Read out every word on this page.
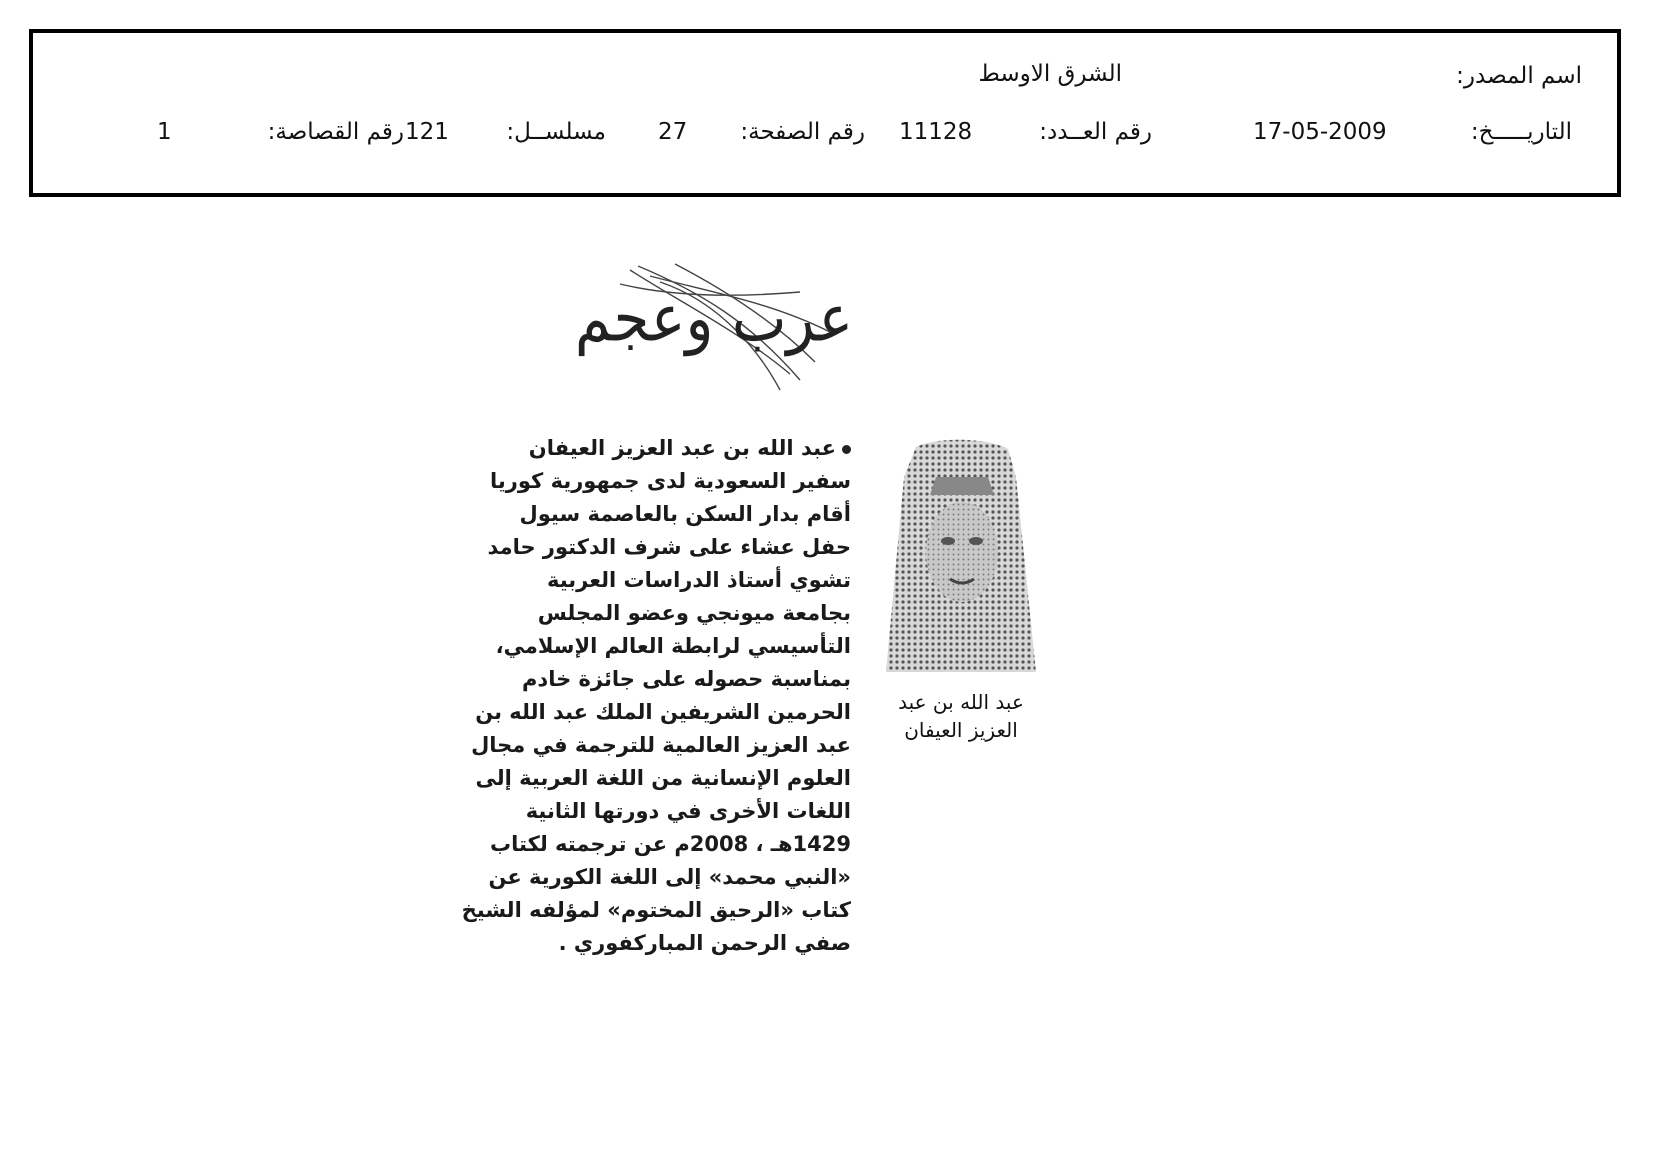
اسم المصدر:
الشرق الاوسط
التاريـــــخ:
17-05-2009
رقم العــدد:
11128
رقم الصفحة:
27
مسلســل:
121
رقم القصاصة:
1
عرب وعجم
عبد الله بن عبد العزيز العيفان
سفير السعودية لدى جمهورية كوريا
أقام بدار السكن بالعاصمة سيول
حفل عشاء على شرف الدكتور حامد
تشوي أستاذ الدراسات العربية
بجامعة ميونجي وعضو المجلس
التأسيسي لرابطة العالم الإسلامي،
بمناسبة حصوله على جائزة خادم
الحرمين الشريفين الملك عبد الله بن
عبد العزيز العالمية للترجمة في مجال
العلوم الإنسانية من اللغة العربية إلى
اللغات الأخرى في دورتها الثانية
1429هـ ، 2008م عن ترجمته لكتاب
«النبي محمد» إلى اللغة الكورية عن
كتاب «الرحيق المختوم» لمؤلفه الشيخ
صفي الرحمن المباركفوري .
عبد الله بن عبد
العزيز العيفان
